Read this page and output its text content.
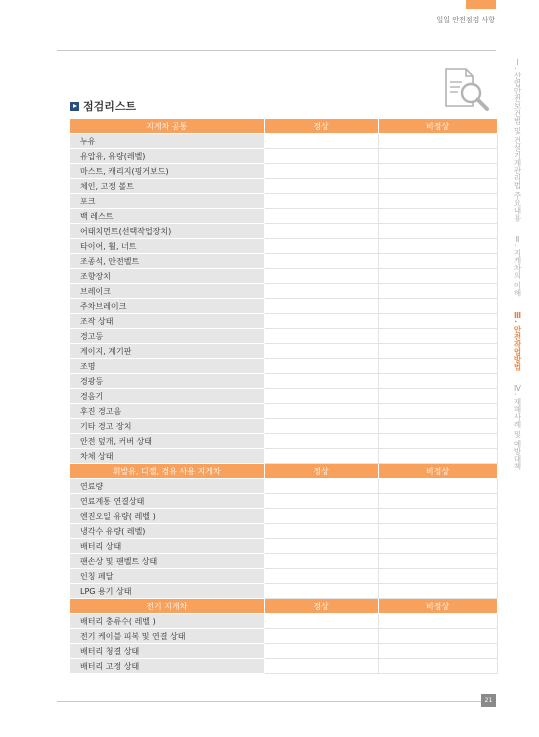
일일 안전점검 사항
Ⅰ. 산업안전보건법 및 건설기계관리법 주요내용Ⅱ. 지게차의 이해Ⅲ. 안전작업방법Ⅳ. 재해사례 및 예방대책
점검리스트
지게차 공통	정상	비정상
누유		
유압유, 유량(레벨)		
마스트, 캐리지(핑거보드)		
체인, 고정 볼트		
포크		
백 레스트		
어태치먼트(선택작업장치)		
타이어, 휠, 너트		
조종석, 안전벨트		
조향장치		
브레이크		
주차브레이크		
조작 상태		
경고등		
게이지, 계기판		
조명		
경광등		
경음기		
후진 경고음		
기타 경고 장치		
안전 덮개, 커버 상태		
차체 상태		
휘발유, 디젤, 경유 사용 지게차	정상	비정상
연료량		
연료계통 연결상태		
엔진오일 유량( 레벨 )		
냉각수 유량( 레벨)		
배터리 상태		
팬손상 및 팬벨트 상태		
인칭 페달		
LPG 용기 상태		
전기 지게차	정상	비정상
배터리 충류수( 레벨 )		
전기 케이블 피복 및 연결 상태		
배터리 청결 상태		
배터리 고정 상태		
21
